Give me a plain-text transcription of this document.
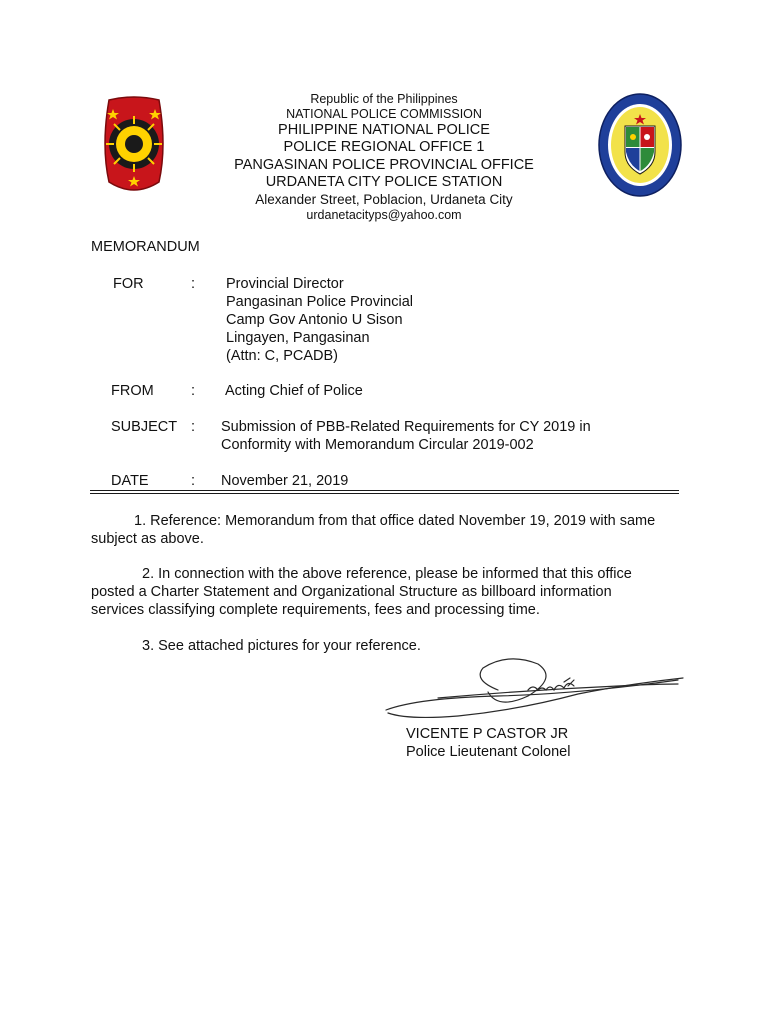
Republic of the Philippines
NATIONAL POLICE COMMISSION
PHILIPPINE NATIONAL POLICE
POLICE REGIONAL OFFICE 1
PANGASINAN POLICE PROVINCIAL OFFICE
URDANETA CITY POLICE STATION
Alexander Street, Poblacion, Urdaneta City
urdanetacityps@yahoo.com
MEMORANDUM
FOR	: Provincial Director
Pangasinan Police Provincial
Camp Gov Antonio U Sison
Lingayen, Pangasinan
(Attn: C, PCADB)
FROM	: Acting Chief of Police
SUBJECT : Submission of PBB-Related Requirements for CY 2019 in
Conformity with Memorandum Circular 2019-002
DATE	: November 21, 2019
1. Reference: Memorandum from that office dated November 19, 2019 with same
subject as above.
2. In connection with the above reference, please be informed that this office
posted a Charter Statement and Organizational Structure as billboard information
services classifying complete requirements, fees and processing time.
3. See attached pictures for your reference.
VICENTE P CASTOR JR
Police Lieutenant Colonel
